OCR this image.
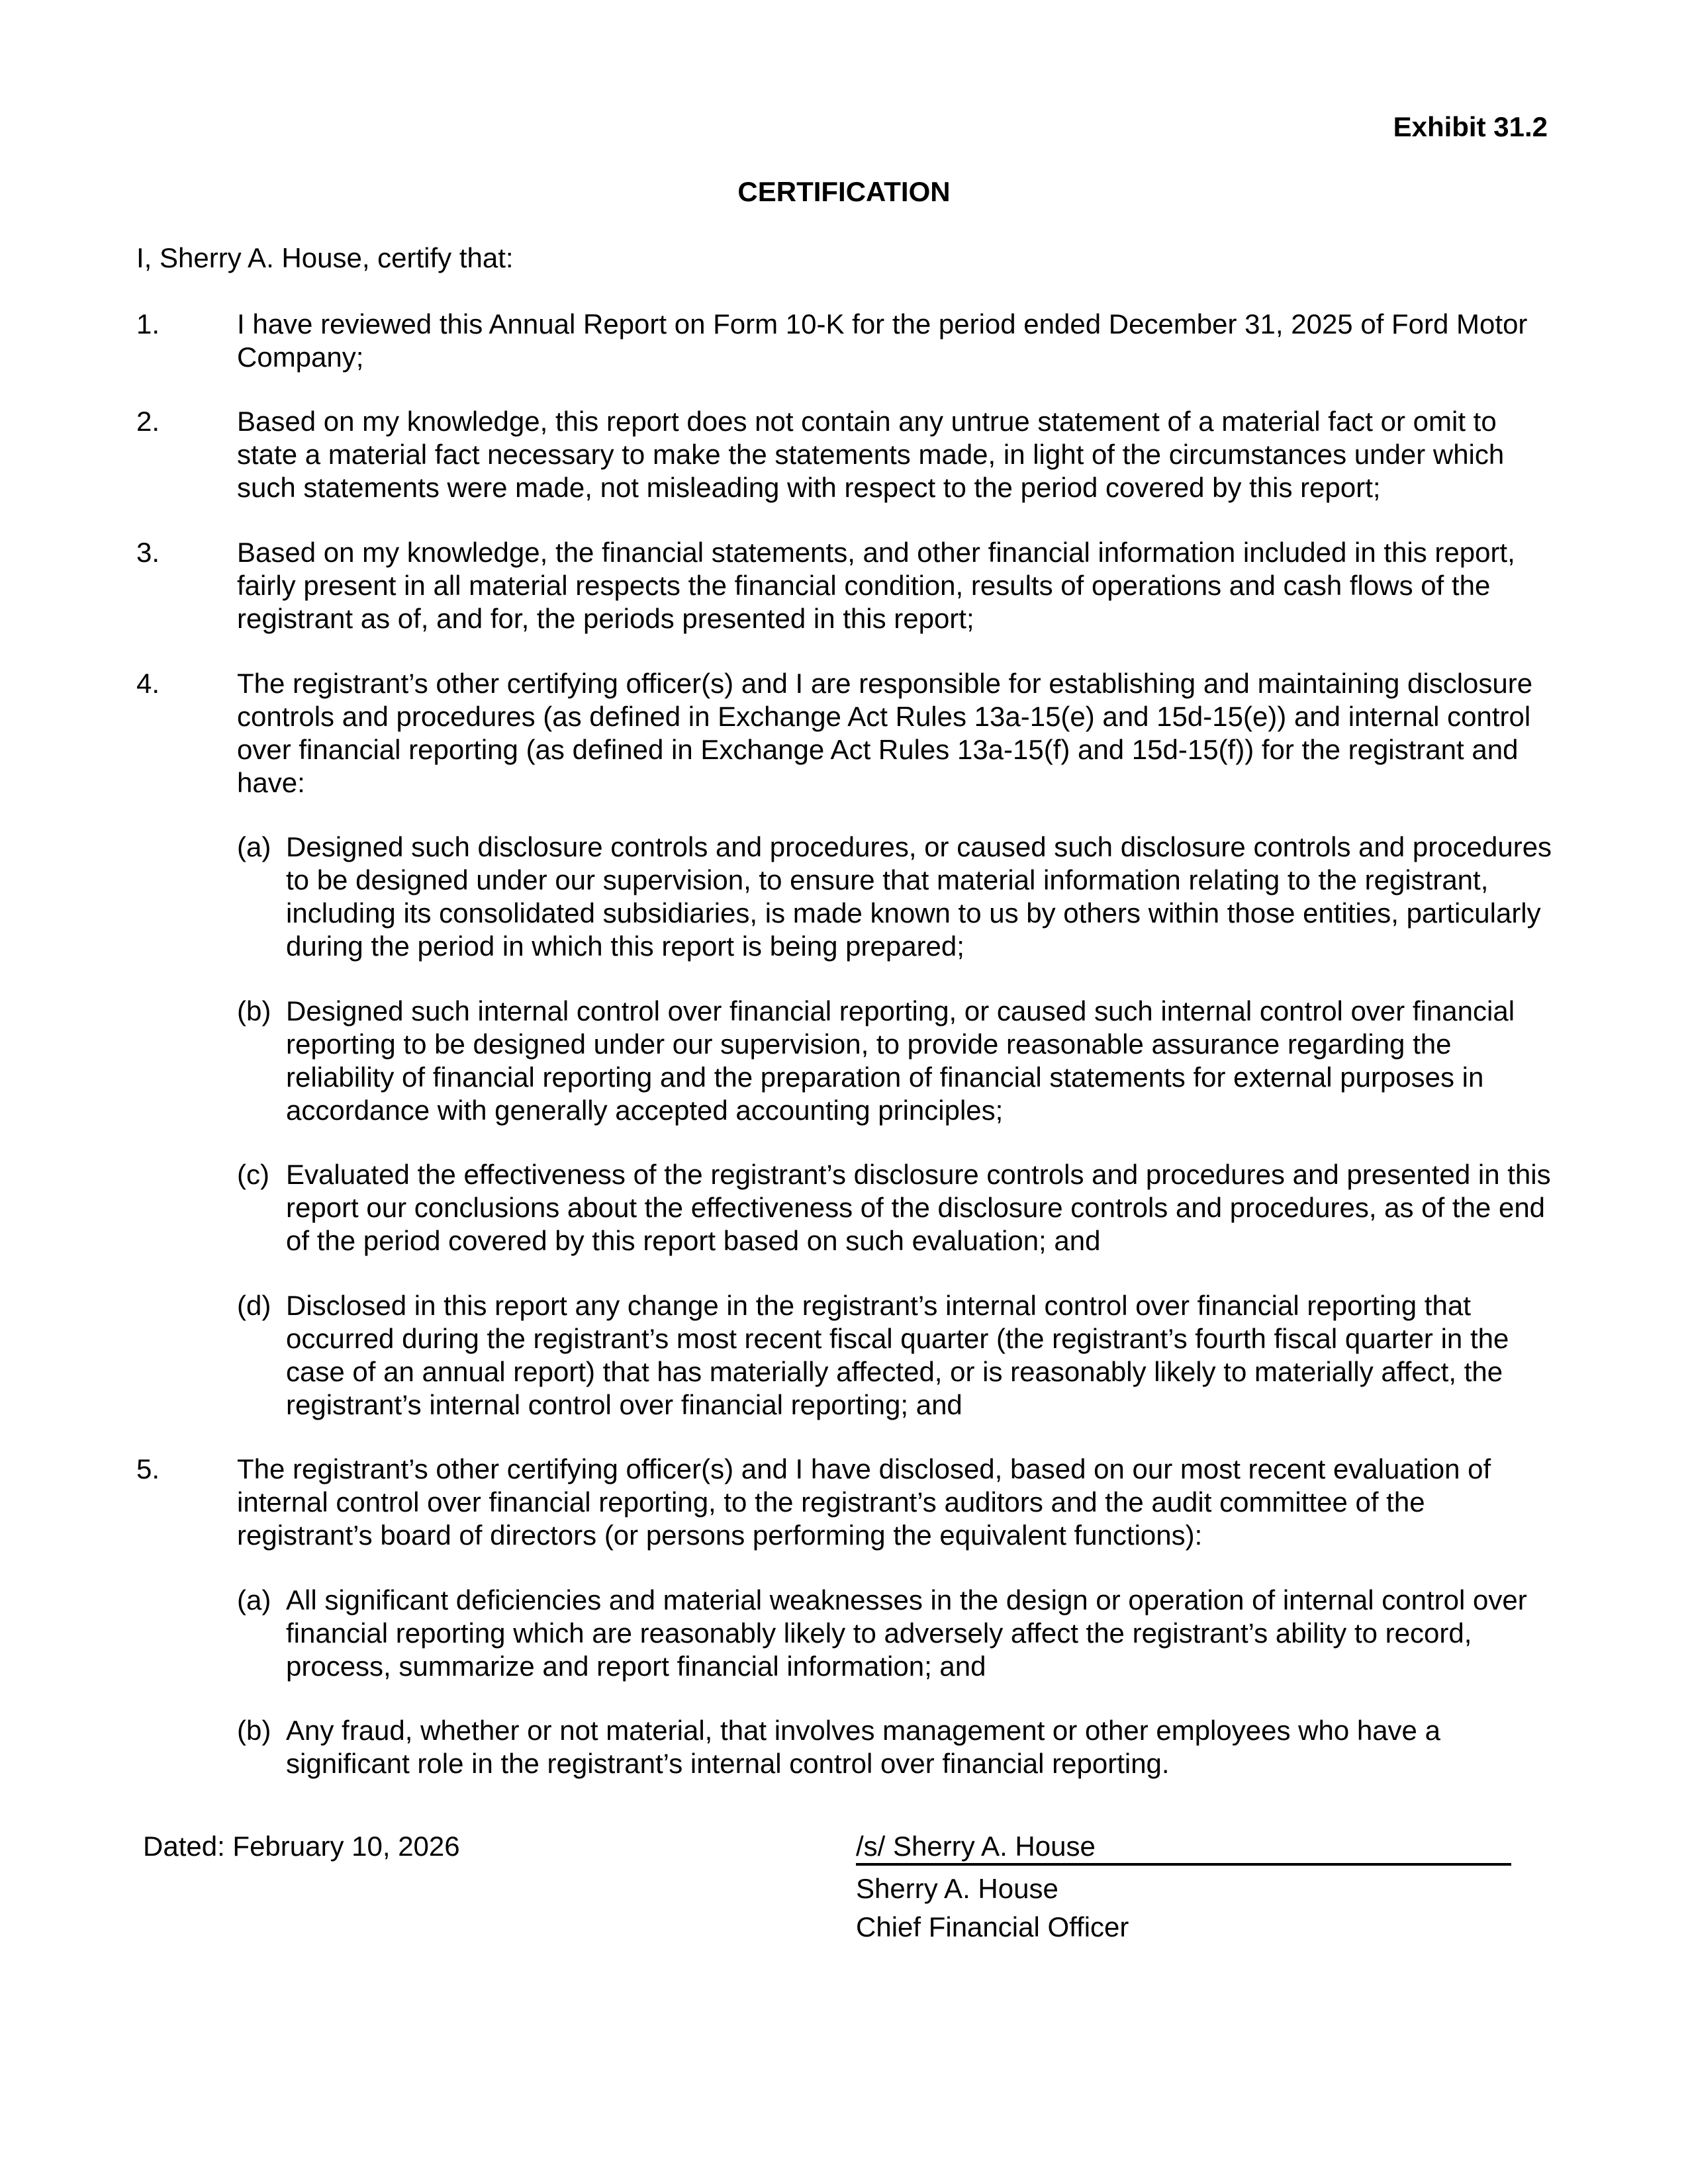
Exhibit 31.2
CERTIFICATION
I, Sherry A. House, certify that:
1.	I have reviewed this Annual Report on Form 10-K for the period ended December 31, 2025 of Ford Motor Company;
2.	Based on my knowledge, this report does not contain any untrue statement of a material fact or omit to state a material fact necessary to make the statements made, in light of the circumstances under which such statements were made, not misleading with respect to the period covered by this report;
3.	Based on my knowledge, the financial statements, and other financial information included in this report, fairly present in all material respects the financial condition, results of operations and cash flows of the registrant as of, and for, the periods presented in this report;
4.	The registrant’s other certifying officer(s) and I are responsible for establishing and maintaining disclosure controls and procedures (as defined in Exchange Act Rules 13a-15(e) and 15d-15(e)) and internal control over financial reporting (as defined in Exchange Act Rules 13a-15(f) and 15d-15(f)) for the registrant and have:
(a) Designed such disclosure controls and procedures, or caused such disclosure controls and procedures to be designed under our supervision, to ensure that material information relating to the registrant, including its consolidated subsidiaries, is made known to us by others within those entities, particularly during the period in which this report is being prepared;
(b) Designed such internal control over financial reporting, or caused such internal control over financial reporting to be designed under our supervision, to provide reasonable assurance regarding the reliability of financial reporting and the preparation of financial statements for external purposes in accordance with generally accepted accounting principles;
(c) Evaluated the effectiveness of the registrant’s disclosure controls and procedures and presented in this report our conclusions about the effectiveness of the disclosure controls and procedures, as of the end of the period covered by this report based on such evaluation; and
(d) Disclosed in this report any change in the registrant’s internal control over financial reporting that occurred during the registrant’s most recent fiscal quarter (the registrant’s fourth fiscal quarter in the case of an annual report) that has materially affected, or is reasonably likely to materially affect, the registrant’s internal control over financial reporting; and
5.	The registrant’s other certifying officer(s) and I have disclosed, based on our most recent evaluation of internal control over financial reporting, to the registrant’s auditors and the audit committee of the registrant’s board of directors (or persons performing the equivalent functions):
(a) All significant deficiencies and material weaknesses in the design or operation of internal control over financial reporting which are reasonably likely to adversely affect the registrant’s ability to record, process, summarize and report financial information; and
(b) Any fraud, whether or not material, that involves management or other employees who have a significant role in the registrant’s internal control over financial reporting.
Dated: February 10, 2026	/s/ Sherry A. House
Sherry A. House
Chief Financial Officer
